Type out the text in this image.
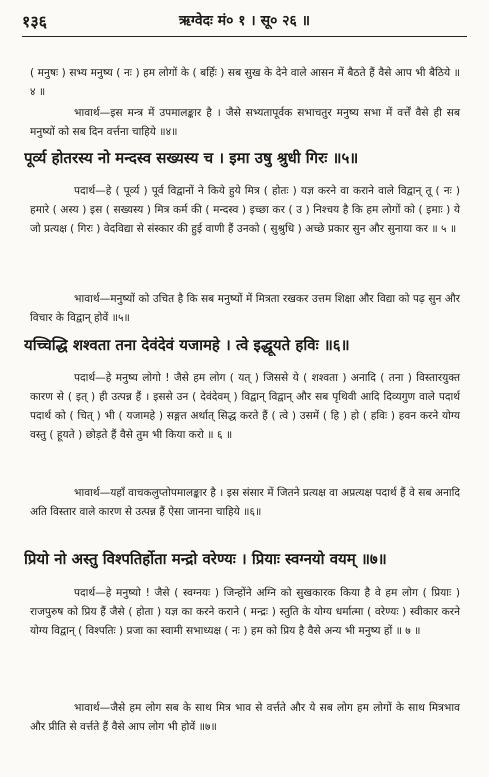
१३६	ऋग्वेदः मं० १ । सू० २६ ॥

( मनुषः ) सभ्य मनुष्य ( नः ) हम लोगों के ( बर्हिः ) सब सुख के देने वाले आसन में बैठते हैं वैसे आप भी बैठिये ॥ ४ ॥

भावार्थ—इस मन्त्र में उपमालङ्कार है । जैसे सभ्यतापूर्वक सभाचतुर मनुष्य सभा में वर्त्तें वैसे ही सब मनुष्यों को सब दिन वर्त्तना चाहिये ॥४॥

पूर्व्य होतरस्य नो मन्दस्व सख्यस्य च । इमा उषु श्रुधी गिरः ॥५॥

पदार्थ—हे ( पूर्व्य ) पूर्व विद्वानों ने किये हुये मित्र ( होतः ) यज्ञ करने वा कराने वाले विद्वान् तू ( नः ) हमारे ( अस्य ) इस ( सख्यस्य ) मित्र कर्म की ( मन्दस्व ) इच्छा कर ( उ ) निश्चय है कि हम लोगों को ( इमाः ) ये जो प्रत्यक्ष ( गिरः ) वेदविद्या से संस्कार की हुई वाणी हैं उनको ( सुश्रुधि ) अच्छे प्रकार सुन और सुनाया कर ॥ ५ ॥

भावार्थ—मनुष्यों को उचित है कि सब मनुष्यों में मित्रता रखकर उत्तम शिक्षा और विद्या को पढ़ सुन और विचार के विद्वान् होवें ॥५॥

यच्चिद्धि शश्वता तना देवंदेवं यजामहे । त्वे इद्धूयते हविः ॥६॥

पदार्थ—हे मनुष्य लोगो ! जैसे हम लोग ( यत् ) जिससे ये ( शश्वता ) अनादि ( तना ) विस्तारयुक्त कारण से ( इत् ) ही उत्पन्न हैं । इससे उन ( देवंदेवम् ) विद्वान् विद्वान् और सब पृथिवी आदि दिव्यगुण वाले पदार्थ पदार्थ को ( चित् ) भी ( यजामहे ) सङ्गत अर्थात् सिद्ध करते हैं ( त्वे ) उसमें ( हि ) हो ( हविः ) हवन करने योग्य वस्तु ( हूयते ) छोड़ते हैं वैसे तुम भी किया करो ॥ ६ ॥

भावार्थ—यहाँ वाचकलुप्तोपमालङ्कार है । इस संसार में जितने प्रत्यक्ष वा अप्रत्यक्ष पदार्थ हैं वे सब अनादि अति विस्तार वाले कारण से उत्पन्न हैं ऐसा जानना चाहिये ॥६॥

प्रियो नो अस्तु विश्पतिर्होता मन्द्रो वरेण्यः । प्रियाः स्वग्नयो वयम् ॥७॥

पदार्थ—हे मनुष्यो ! जैसे ( स्वग्नयः ) जिन्होंने अग्नि को सुखकारक किया है वे हम लोग ( प्रियाः ) राजपुरुष को प्रिय हैं जैसे ( होता ) यज्ञ का करने कराने ( मन्द्रः ) स्तुति के योग्य धर्मात्मा ( वरेण्यः ) स्वीकार करने योग्य विद्वान् ( विश्पतिः ) प्रजा का स्वामी सभाध्यक्ष ( नः ) हम को प्रिय है वैसे अन्य भी मनुष्य हों ॥ ७ ॥

भावार्थ—जैसे हम लोग सब के साथ मित्र भाव से वर्त्तते और ये सब लोग हम लोगों के साथ मित्रभाव और प्रीति से वर्त्तते हैं वैसे आप लोग भी होवें ॥७॥
